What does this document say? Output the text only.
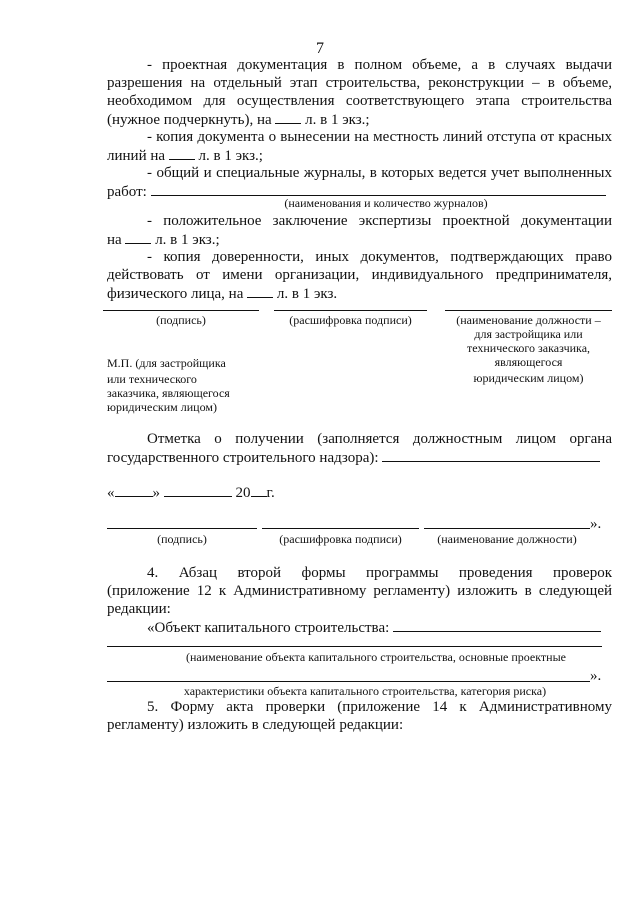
7
- проектная документация в полном объеме, а в случаях выдачи
разрешения на отдельный этап строительства, реконструкции – в объеме,
необходимом для осуществления соответствующего этапа строительства
(нужное подчеркнуть), на  л. в 1 экз.;
- копия документа о вынесении на местность линий отступа от красных
линий на  л. в 1 экз.;
- общий и специальные журналы, в которых ведется учет выполненных
работ:
(наименования и количество журналов)
- положительное заключение экспертизы проектной документации
на  л. в 1 экз.;
- копия доверенности, иных документов, подтверждающих право
действовать от имени организации, индивидуального предпринимателя,
физического лица, на  л. в 1 экз.
(подпись)	(расшифровка подписи)	(наименование должности –
для застройщика или
технического заказчика,
являющегося
юридическим лицом)
М.П. (для застройщика
или технического
заказчика, являющегося
юридическим лицом)
Отметка о получении (заполняется должностным лицом органа
государственного строительного надзора):
«	»	20 г.
».
(подпись)	(расшифровка подписи)	(наименование должности)
4. Абзац второй формы программы проведения проверок
(приложение 12 к Административному регламенту) изложить в следующей
редакции:
«Объект капитального строительства:
(наименование объекта капитального строительства, основные проектные
».
характеристики объекта капитального строительства, категория риска)
5. Форму акта проверки (приложение 14 к Административному
регламенту) изложить в следующей редакции:
